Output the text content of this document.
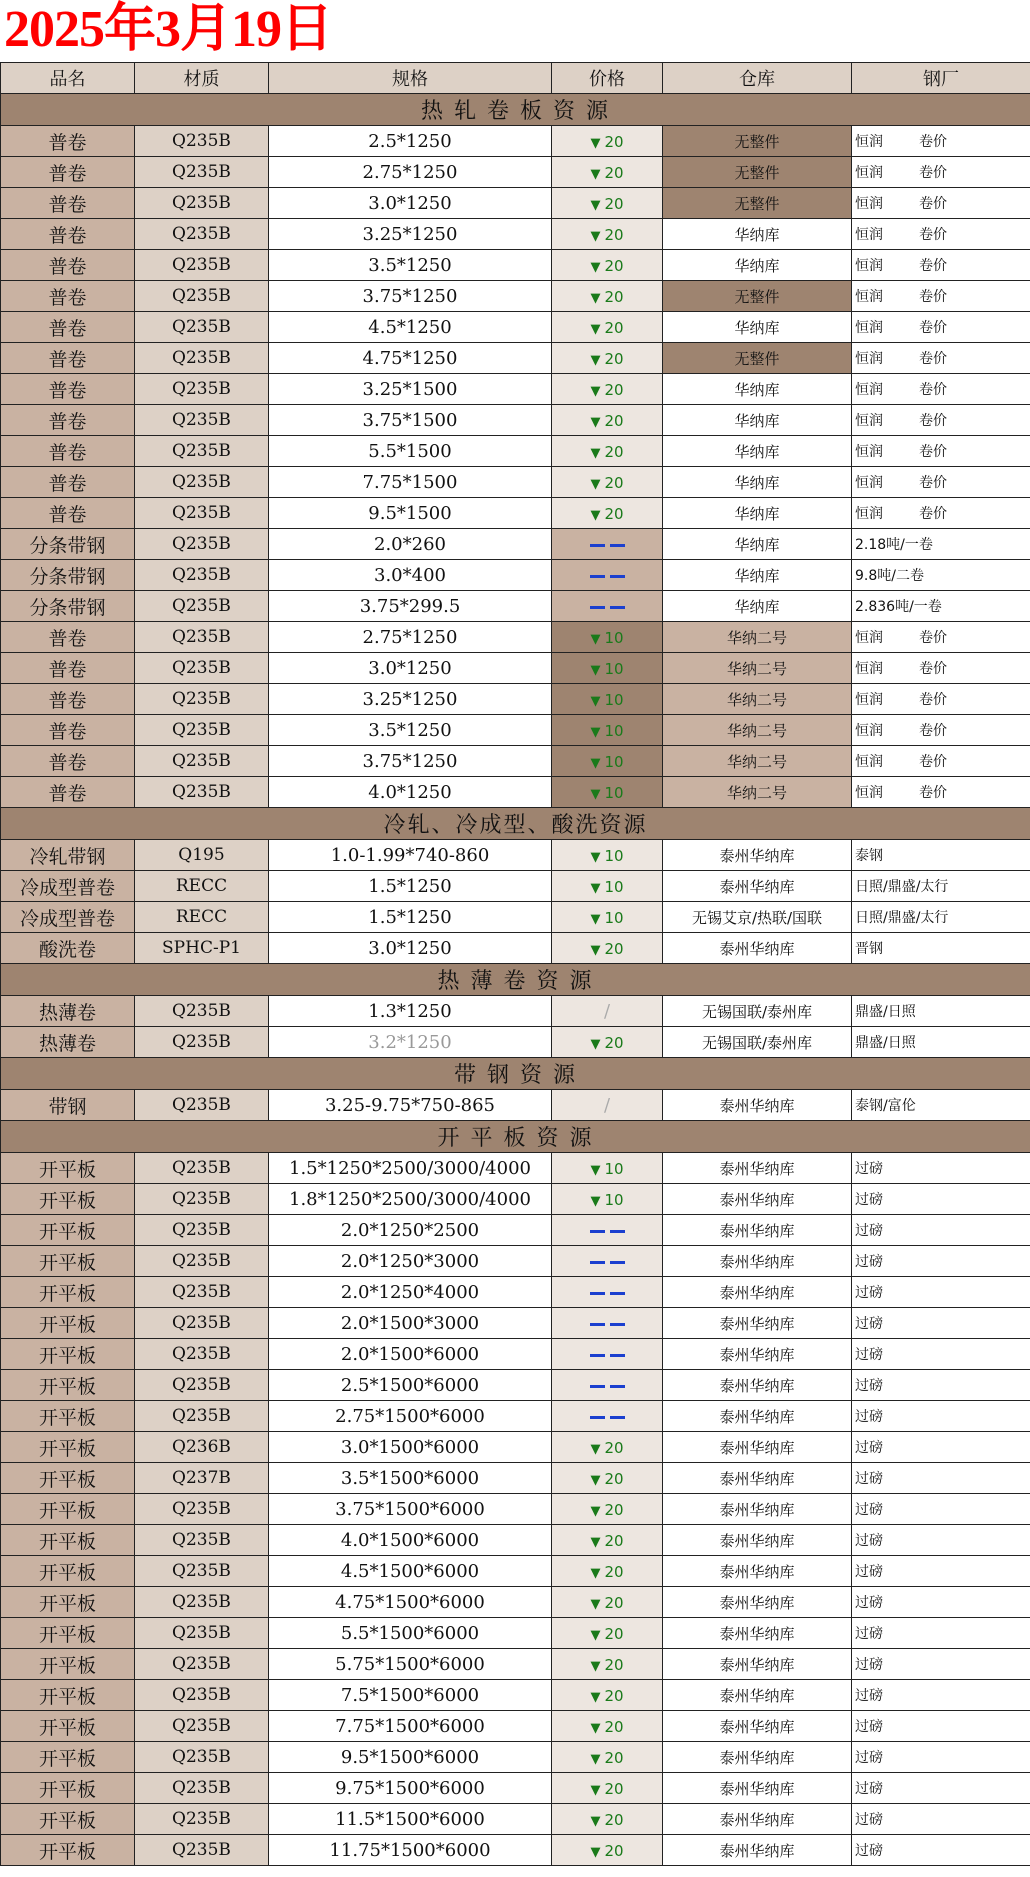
2025年3月19日
品名	材质	规格	价格	仓库	钢厂
热 轧 卷 板 资 源					
普卷	Q235B	2.5*1250	▼ 20	无整件	恒润 卷价
普卷	Q235B	2.75*1250	▼ 20	无整件	恒润 卷价
普卷	Q235B	3.0*1250	▼ 20	无整件	恒润 卷价
普卷	Q235B	3.25*1250	▼ 20	华纳库	恒润 卷价
普卷	Q235B	3.5*1250	▼ 20	华纳库	恒润 卷价
普卷	Q235B	3.75*1250	▼ 20	无整件	恒润 卷价
普卷	Q235B	4.5*1250	▼ 20	华纳库	恒润 卷价
普卷	Q235B	4.75*1250	▼ 20	无整件	恒润 卷价
普卷	Q235B	3.25*1500	▼ 20	华纳库	恒润 卷价
普卷	Q235B	3.75*1500	▼ 20	华纳库	恒润 卷价
普卷	Q235B	5.5*1500	▼ 20	华纳库	恒润 卷价
普卷	Q235B	7.75*1500	▼ 20	华纳库	恒润 卷价
普卷	Q235B	9.5*1500	▼ 20	华纳库	恒润 卷价
分条带钢	Q235B	2.0*260		华纳库	2.18吨/一卷
分条带钢	Q235B	3.0*400		华纳库	9.8吨/二卷
分条带钢	Q235B	3.75*299.5		华纳库	2.836吨/一卷
普卷	Q235B	2.75*1250	▼ 10	华纳二号	恒润 卷价
普卷	Q235B	3.0*1250	▼ 10	华纳二号	恒润 卷价
普卷	Q235B	3.25*1250	▼ 10	华纳二号	恒润 卷价
普卷	Q235B	3.5*1250	▼ 10	华纳二号	恒润 卷价
普卷	Q235B	3.75*1250	▼ 10	华纳二号	恒润 卷价
普卷	Q235B	4.0*1250	▼ 10	华纳二号	恒润 卷价
冷轧、冷成型、酸洗资源					
冷轧带钢	Q195	1.0-1.99*740-860	▼ 10	泰州华纳库	泰钢
冷成型普卷	RECC	1.5*1250	▼ 10	泰州华纳库	日照/鼎盛/太行
冷成型普卷	RECC	1.5*1250	▼ 10	无锡艾京/热联/国联	日照/鼎盛/太行
酸洗卷	SPHC-P1	3.0*1250	▼ 20	泰州华纳库	晋钢
热 薄 卷 资 源					
热薄卷	Q235B	1.3*1250	/	无锡国联/泰州库	鼎盛/日照
热薄卷	Q235B	3.2*1250	▼ 20	无锡国联/泰州库	鼎盛/日照
带 钢 资 源					
带钢	Q235B	3.25-9.75*750-865	/	泰州华纳库	泰钢/富伦
开 平 板 资 源					
开平板	Q235B	1.5*1250*2500/3000/4000	▼ 10	泰州华纳库	过磅
开平板	Q235B	1.8*1250*2500/3000/4000	▼ 10	泰州华纳库	过磅
开平板	Q235B	2.0*1250*2500		泰州华纳库	过磅
开平板	Q235B	2.0*1250*3000		泰州华纳库	过磅
开平板	Q235B	2.0*1250*4000		泰州华纳库	过磅
开平板	Q235B	2.0*1500*3000		泰州华纳库	过磅
开平板	Q235B	2.0*1500*6000		泰州华纳库	过磅
开平板	Q235B	2.5*1500*6000		泰州华纳库	过磅
开平板	Q235B	2.75*1500*6000		泰州华纳库	过磅
开平板	Q236B	3.0*1500*6000	▼ 20	泰州华纳库	过磅
开平板	Q237B	3.5*1500*6000	▼ 20	泰州华纳库	过磅
开平板	Q235B	3.75*1500*6000	▼ 20	泰州华纳库	过磅
开平板	Q235B	4.0*1500*6000	▼ 20	泰州华纳库	过磅
开平板	Q235B	4.5*1500*6000	▼ 20	泰州华纳库	过磅
开平板	Q235B	4.75*1500*6000	▼ 20	泰州华纳库	过磅
开平板	Q235B	5.5*1500*6000	▼ 20	泰州华纳库	过磅
开平板	Q235B	5.75*1500*6000	▼ 20	泰州华纳库	过磅
开平板	Q235B	7.5*1500*6000	▼ 20	泰州华纳库	过磅
开平板	Q235B	7.75*1500*6000	▼ 20	泰州华纳库	过磅
开平板	Q235B	9.5*1500*6000	▼ 20	泰州华纳库	过磅
开平板	Q235B	9.75*1500*6000	▼ 20	泰州华纳库	过磅
开平板	Q235B	11.5*1500*6000	▼ 20	泰州华纳库	过磅
开平板	Q235B	11.75*1500*6000	▼ 20	泰州华纳库	过磅
